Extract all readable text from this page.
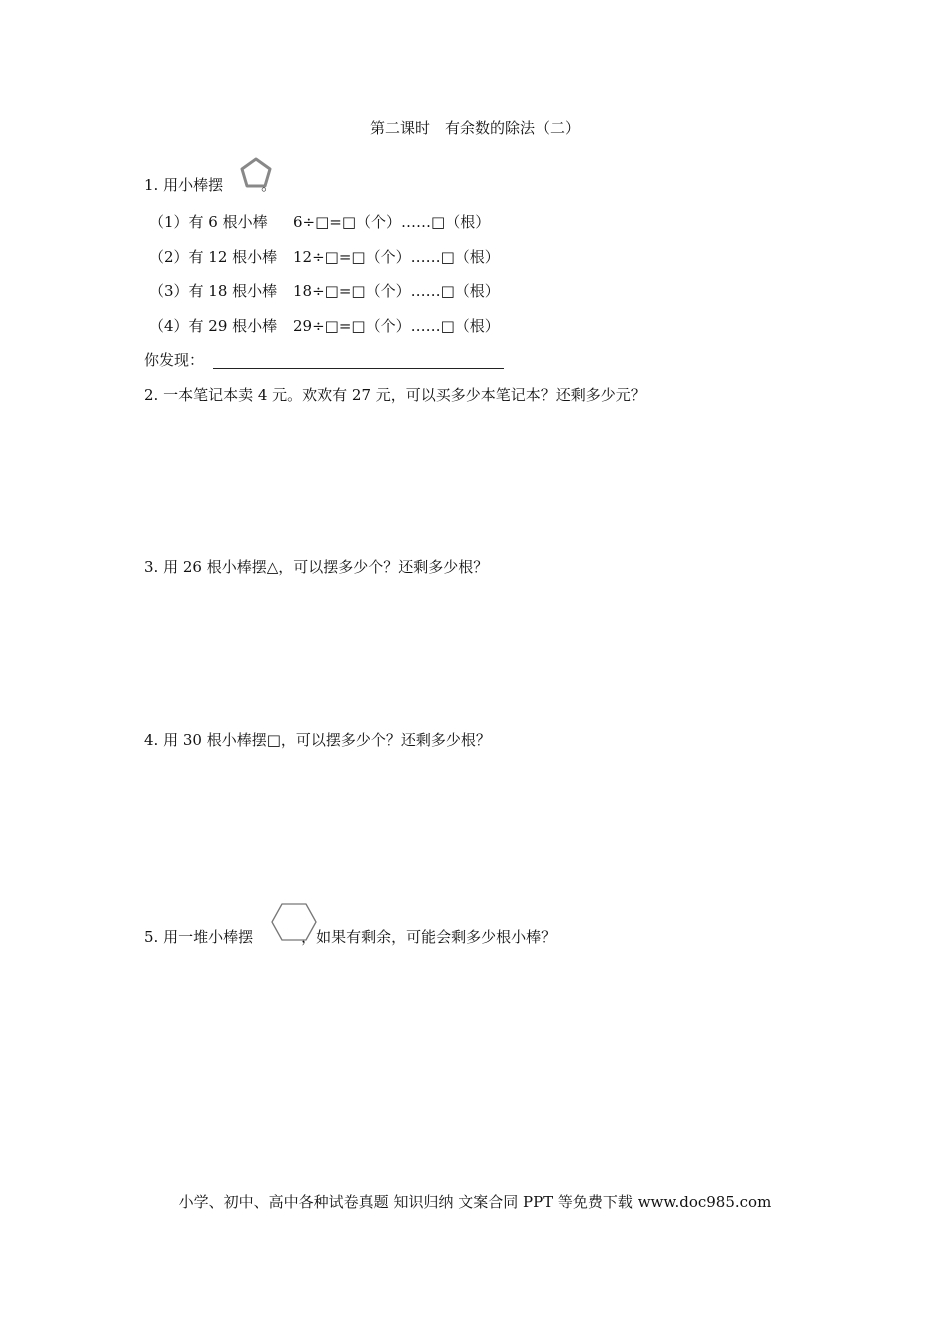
第二课时　有余数的除法（二）
1. 用小棒摆	。
（1）有 6 根小棒 6÷□=□（个）……□（根）
（2）有 12 根小棒 12÷□=□（个）……□（根）
（3）有 18 根小棒 18÷□=□（个）……□（根）
（4）有 29 根小棒 29÷□=□（个）……□（根）
你发现：
2. 一本笔记本卖 4 元。欢欢有 27 元，可以买多少本笔记本？还剩多少元？
3. 用 26 根小棒摆△，可以摆多少个？还剩多少根？
4. 用 30 根小棒摆□，可以摆多少个？还剩多少根？
5. 用一堆小棒摆	，如果有剩余，可能会剩多少根小棒？
小学、初中、高中各种试卷真题 知识归纳 文案合同 PPT 等免费下载 www.doc985.com
